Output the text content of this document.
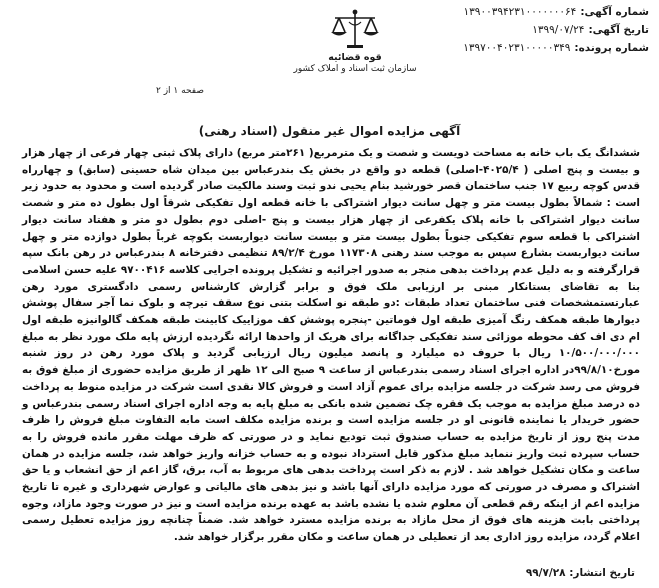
شماره آگهی:
۱۳۹۰۰۳۹۴۲۳۱۰۰۰۰۰۰۰۶۴
تاریخ آگهی:
۱۳۹۹/۰۷/۲۴
شماره پرونده:
۱۳۹۷۰۰۴۰۲۳۱۰۰۰۰۰۳۴۹
قوه قضائیه
سازمان ثبت اسناد و املاک کشور
صفحه ۱ از ۲
آگهی مزایده اموال غیر منقول (اسناد رهنی)
ششدانگ یک باب خانه به مساحت دویست و شصت و یک مترمربع( ۲۶۱متر مربع) دارای پلاک ثبتی چهار فرعی از چهار هزار و بیست و پنج اصلی ( ۴۰۲۵/۴-اصلی) قطعه دو واقع در بخش یک بندرعباس بین میدان شاه حسینی (سابق) و چهارراه قدس کوچه ربیع ۱۷ جنب ساختمان قصر خورشید بنام یحیی ندو ثبت وسند مالکیت صادر گردیده است و محدود به حدود زیر است : شمالاً بطول بیست متر و چهل سانت دیوار اشتراکی با خانه قطعه اول تفکیکی شرقاً اول بطول ده متر و شصت سانت دیوار اشتراکی با خانه پلاک یکفرعی از چهار هزار بیست و پنج -اصلی دوم بطول دو متر و هفتاد سانت دیوار اشتراکی با قطعه سوم تفکیکی جنوباً بطول بیست متر و بیست سانت دیواربست بکوچه غرباً بطول دوازده متر و چهل سانت دیواربست بشارع سپس به موجب سند رهنی ۱۱۷۳۰۸ مورخ ۸۹/۲/۴ تنظیمی دفترخانه ۸ بندرعباس در رهن بانک سپه قرارگرفته و به دلیل عدم پرداخت بدهی منجر به صدور اجرائیه و تشکیل پرونده اجرایی کلاسه ۹۷۰۰۴۱۶ علیه حسن اسلامی بنا به تقاضای بستانکار مبنی بر ارزیابی ملک فوق و برابر گزارش کارشناس رسمی دادگستری مورد رهن عبارتستمشخصات فنی ساختمان تعداد طبقات :دو طبقه نو اسکلت بتنی نوع سقف تیرچه و بلوک نما آجر سفال پوشش دیوارها طبقه همکف رنگ آمیزی طبقه اول فوماتین -پنجره پوشش کف موزاییک کابینت طبقه همکف گالوانیزه طبقه اول ام دی اف کف محوطه موزائی سند تفکیکی جداگانه برای هریک از واحدها ارائه نگردیده ارزش پایه ملک مورد نظر به مبلغ ۱۰/۵۰۰/۰۰۰/۰۰۰ ریال با حروف ده میلیارد و پانصد میلیون ریال ارزیابی گردید و پلاک مورد رهن در روز شنبه مورخ۹۹/۸/۱۰در اداره اجرای اسناد رسمی بندرعباس از ساعت ۹ صبح الی ۱۲ ظهر از طریق مزایده حضوری از مبلغ فوق به فروش می رسد شرکت در جلسه مزایده برای عموم آزاد است و فروش کالا نقدی است شرکت در مزایده منوط به پرداخت ده درصد مبلغ مزایده به موجب یک فقره چک تضمین شده بانکی به مبلغ پایه به وجه اداره اجرای اسناد رسمی بندرعباس و حضور خریدار یا نماینده قانونی او در جلسه مزایده است و برنده مزایده مکلف است مابه التفاوت مبلغ فروش را ظرف مدت پنج روز از تاریخ مزایده به حساب صندوق ثبت تودیع نماید و در صورتی که ظرف مهلت مقرر مانده فروش را به حساب سپرده ثبت واریز ننماید مبلغ مذکور قابل استرداد نبوده و به حساب خزانه واریز خواهد شد، جلسه مزایده در همان ساعت و مکان تشکیل خواهد شد . لازم به ذکر است پرداخت بدهی های مربوط به آب، برق، گاز اعم از حق انشعاب و یا حق اشتراک و مصرف در صورتی که مورد مزایده دارای آنها باشد و نیز بدهی های مالیاتی و عوارض شهرداری و غیره تا تاریخ مزایده اعم از اینکه رقم قطعی آن معلوم شده یا نشده باشد به عهده برنده مزایده است و نیز در صورت وجود مازاد، وجوه پرداختی بابت هزینه های فوق از محل مازاد به برنده مزایده مسترد خواهد شد. ضمناً چنانچه روز مزایده تعطیل رسمی اعلام گردد، مزایده روز اداری بعد از تعطیلی در همان ساعت و مکان مقرر برگزار خواهد شد.
تاریخ انتشار: ۹۹/۷/۲۸
